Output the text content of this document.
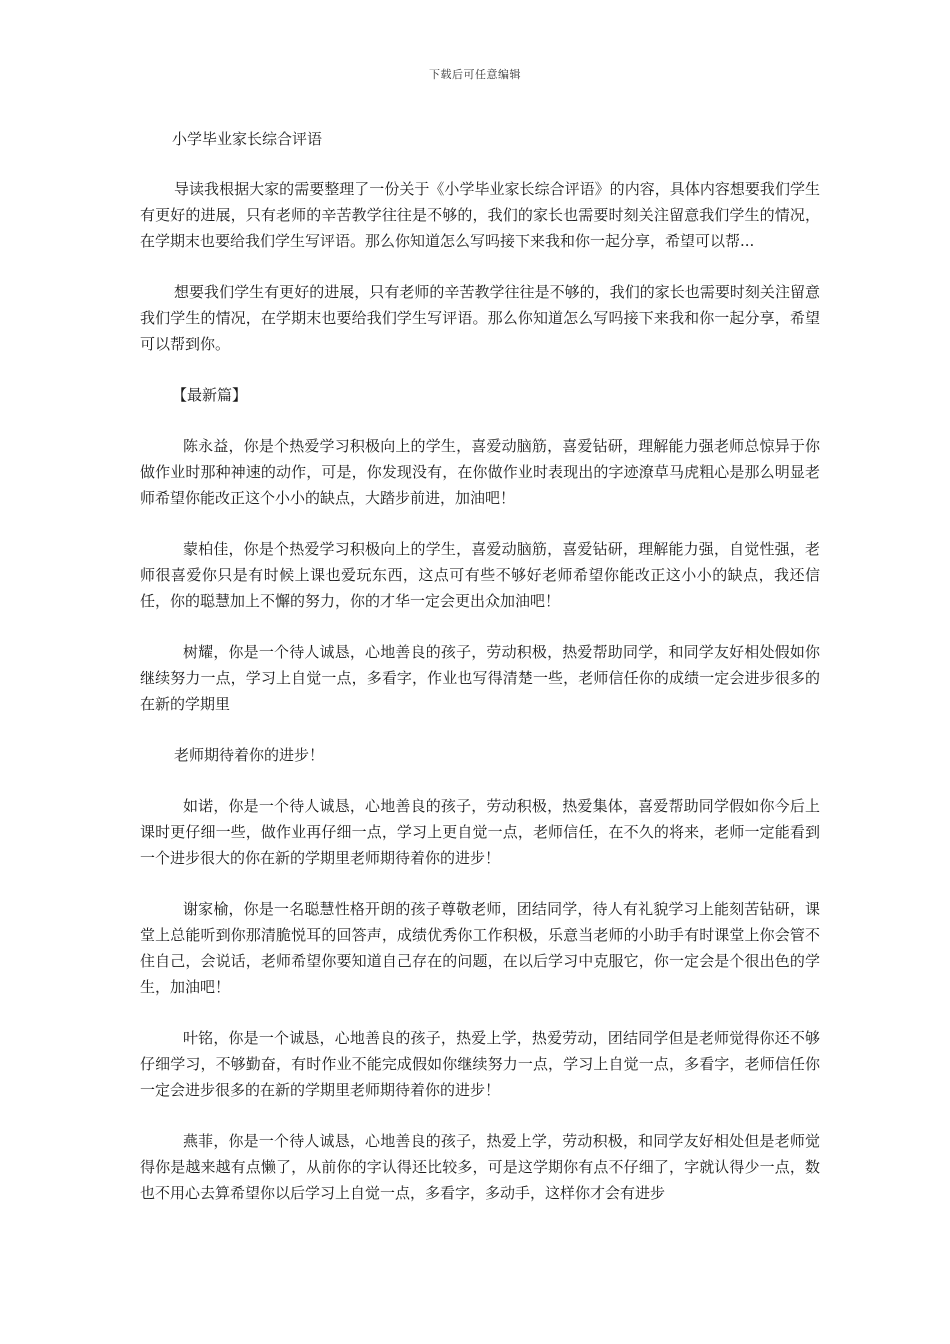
下载后可任意编辑

小学毕业家长综合评语

导读我根据大家的需要整理了一份关于《小学毕业家长综合评语》的内容，具体内容想要我们学生有更好的进展，只有老师的辛苦教学往往是不够的，我们的家长也需要时刻关注留意我们学生的情况，在学期末也要给我们学生写评语。那么你知道怎么写吗接下来我和你一起分享，希望可以帮...

想要我们学生有更好的进展，只有老师的辛苦教学往往是不够的，我们的家长也需要时刻关注留意我们学生的情况，在学期末也要给我们学生写评语。那么你知道怎么写吗接下来我和你一起分享，希望可以帮到你。

【最新篇】

陈永益，你是个热爱学习积极向上的学生，喜爱动脑筋，喜爱钻研，理解能力强老师总惊异于你做作业时那种神速的动作，可是，你发现没有，在你做作业时表现出的字迹潦草马虎粗心是那么明显老师希望你能改正这个小小的缺点，大踏步前进，加油吧！

蒙柏佳，你是个热爱学习积极向上的学生，喜爱动脑筋，喜爱钻研，理解能力强，自觉性强，老师很喜爱你只是有时候上课也爱玩东西，这点可有些不够好老师希望你能改正这小小的缺点，我还信任，你的聪慧加上不懈的努力，你的才华一定会更出众加油吧！

树耀，你是一个待人诚恳，心地善良的孩子，劳动积极，热爱帮助同学，和同学友好相处假如你继续努力一点，学习上自觉一点，多看字，作业也写得清楚一些，老师信任你的成绩一定会进步很多的在新的学期里

老师期待着你的进步！

如诺，你是一个待人诚恳，心地善良的孩子，劳动积极，热爱集体，喜爱帮助同学假如你今后上课时更仔细一些，做作业再仔细一点，学习上更自觉一点，老师信任，在不久的将来，老师一定能看到一个进步很大的你在新的学期里老师期待着你的进步！

谢家榆，你是一名聪慧性格开朗的孩子尊敬老师，团结同学，待人有礼貌学习上能刻苦钻研，课堂上总能听到你那清脆悦耳的回答声，成绩优秀你工作积极，乐意当老师的小助手有时课堂上你会管不住自己，会说话，老师希望你要知道自己存在的问题，在以后学习中克服它，你一定会是个很出色的学生，加油吧！

叶铭，你是一个诚恳，心地善良的孩子，热爱上学，热爱劳动，团结同学但是老师觉得你还不够仔细学习，不够勤奋，有时作业不能完成假如你继续努力一点，学习上自觉一点，多看字，老师信任你一定会进步很多的在新的学期里老师期待着你的进步！

燕菲，你是一个待人诚恳，心地善良的孩子，热爱上学，劳动积极，和同学友好相处但是老师觉得你是越来越有点懒了，从前你的字认得还比较多，可是这学期你有点不仔细了，字就认得少一点，数也不用心去算希望你以后学习上自觉一点，多看字，多动手，这样你才会有进步
